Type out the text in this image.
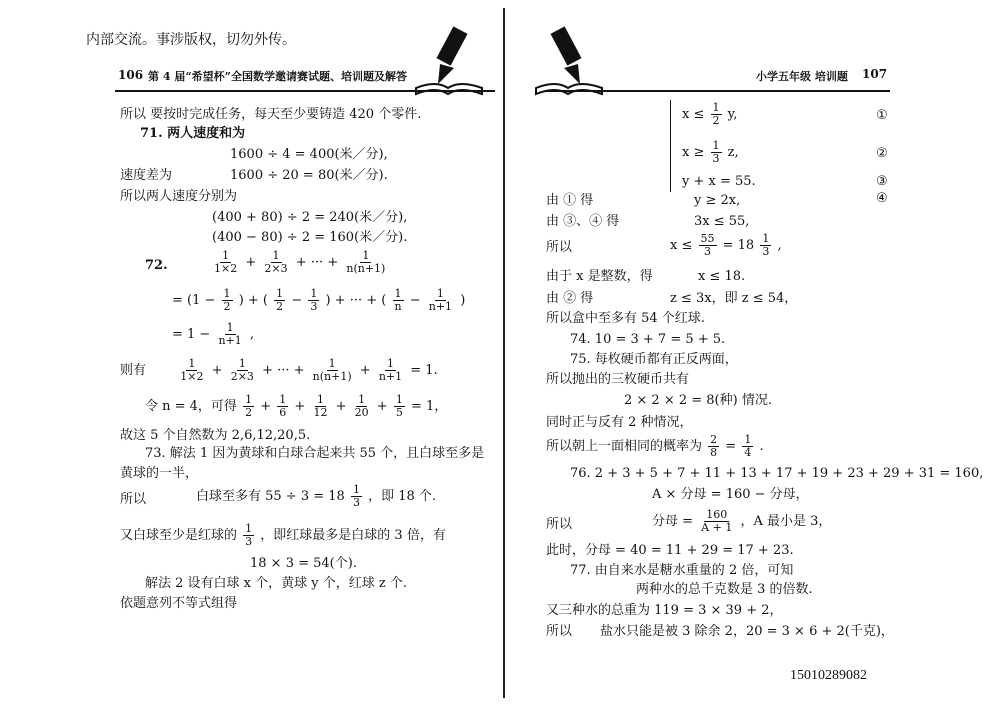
内部交流。事涉版权，切勿外传。
106 第 4 届“希望杯”全国数学邀请赛试题、培训题及解答
所以 要按时完成任务，每天至少要铸造 420 个零件.
71. 两人速度和为
1600 ÷ 4 = 400(米／分),
速度差为	1600 ÷ 20 = 80(米／分).
所以两人速度分别为
(400 + 80) ÷ 2 = 240(米／分),
(400 − 80) ÷ 2 = 160(米／分).
72.	$\frac{1}{1\times 2} + \frac{1}{2\times 3}$ + ··· + $\frac{1}{n(n+1)}$
= ($1 - \frac{1}{2}$ ) + ( $\frac{1}{2} - \frac{1}{3}$ ) + ··· + ( $\frac{1}{n} - \frac{1}{n+1}$ )
= $1 - \frac{1}{n+1}$ ,
则有	$\frac{1}{1\times 2} + \frac{1}{2\times 3}$ + ··· + $\frac{1}{n(n+1)} + \frac{1}{n+1} = 1$.
令 n = 4，可得 $\frac{1}{2} + \frac{1}{6} + \frac{1}{12} + \frac{1}{20} + \frac{1}{5} = 1$，
故这 5 个自然数为 2,6,12,20,5.
73. 解法 1 因为黄球和白球合起来共 55 个，且白球至多是
黄球的一半，
所以	白球至多有 $55 \div 3 = 18 \frac{1}{3}$ ，即 18 个.
又白球至少是红球的 $\frac{1}{3}$ ，即红球最多是白球的 3 倍，有
18 × 3 = 54(个).
解法 2 设有白球 x 个，黄球 y 个，红球 z 个.
依题意列不等式组得
小学五年级 培训题 107
$x \le \frac{1}{2} y$,	①
$x \ge \frac{1}{3} z$,	②
y + x = 55.	③
由 ① 得	y ≥ 2x,	④
由 ③、④ 得	3x ≤ 55,
所以	$x \le \frac{55}{3} = 18 \frac{1}{3}$ ,
由于 x 是整数，得	x ≤ 18.
由 ② 得	z ≤ 3x，即 z ≤ 54，
所以盒中至多有 54 个红球.
74. 10 = 3 + 7 = 5 + 5.
75. 每枚硬币都有正反两面，
所以抛出的三枚硬币共有
2 × 2 × 2 = 8(种) 情况.
同时正与反有 2 种情况，
所以朝上一面相同的概率为 $\frac{2}{8} = \frac{1}{4}$ .
76. 2 + 3 + 5 + 7 + 11 + 13 + 17 + 19 + 23 + 29 + 31 = 160,
A × 分母 = 160 − 分母，
所以	分母 = $\frac{160}{A + 1}$ ，A 最小是 3，
此时，分母 = 40 = 11 + 29 = 17 + 23.
77. 由自来水是糖水重量的 2 倍，可知
两种水的总千克数是 3 的倍数.
又三种水的总重为 119 = 3 × 39 + 2，
所以 盐水只能是被 3 除余 2，20 = 3 × 6 + 2(千克)，
15010289082
